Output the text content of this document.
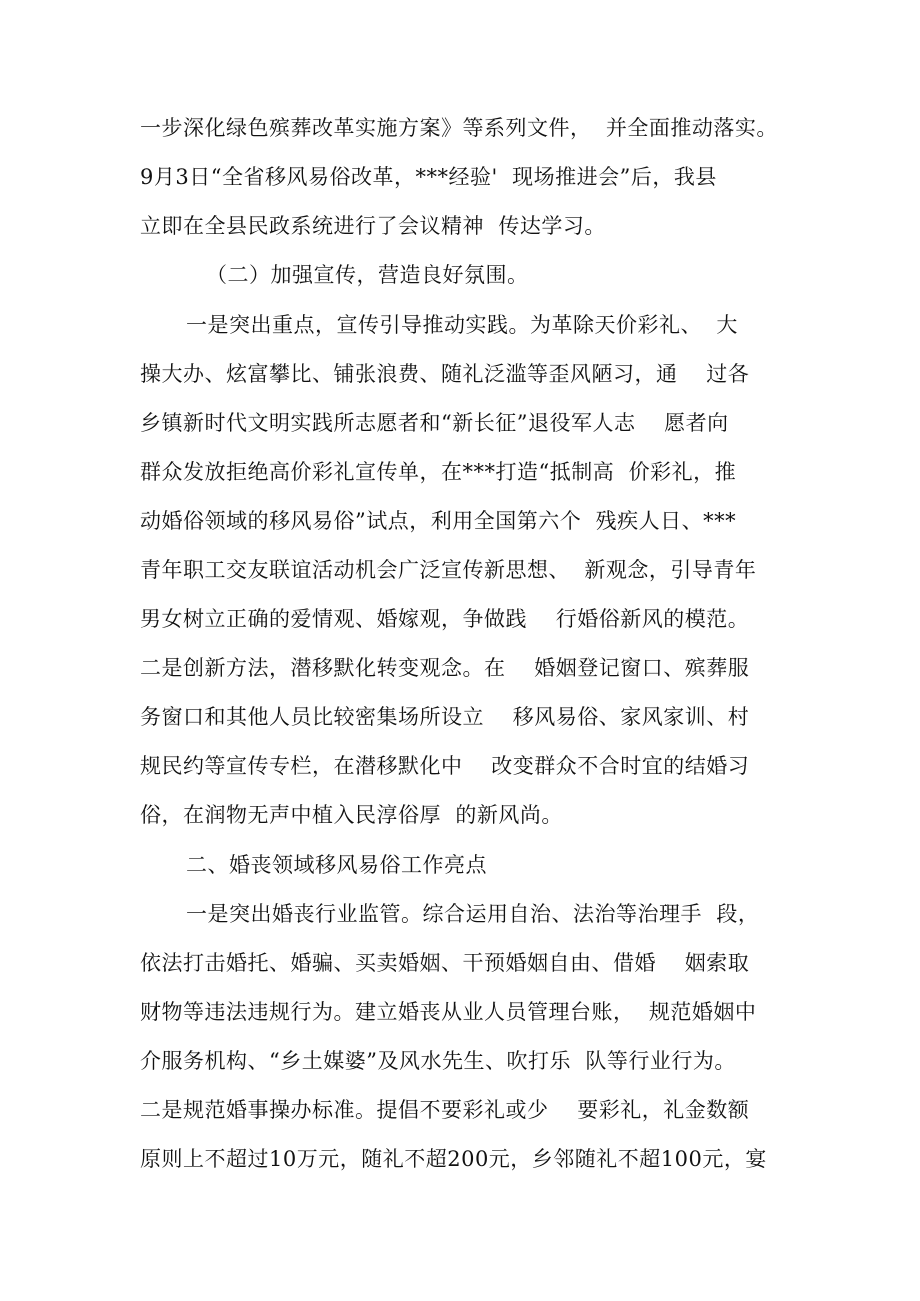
一步深化绿色殡葬改革实施方案》等系列文件，  并全面推动落实。
9月3日“全省移风易俗改革，***经验'  现场推进会”后，我县
立即在全县民政系统进行了会议精神  传达学习。
（二）加强宣传，营造良好氛围。
一是突出重点，宣传引导推动实践。为革除天价彩礼、  大
操大办、炫富攀比、铺张浪费、随礼泛滥等歪风陋习，通    过各
乡镇新时代文明实践所志愿者和“新长征”退役军人志    愿者向
群众发放拒绝高价彩礼宣传单，在***打造“抵制高  价彩礼，推
动婚俗领域的移风易俗”试点，利用全国第六个  残疾人日、***
青年职工交友联谊活动机会广泛宣传新思想、  新观念，引导青年
男女树立正确的爱情观、婚嫁观，争做践    行婚俗新风的模范。
二是创新方法，潜移默化转变观念。在    婚姻登记窗口、殡葬服
务窗口和其他人员比较密集场所设立    移风易俗、家风家训、村
规民约等宣传专栏，在潜移默化中    改变群众不合时宜的结婚习
俗，在润物无声中植入民淳俗厚  的新风尚。
二、婚丧领域移风易俗工作亮点
一是突出婚丧行业监管。综合运用自治、法治等治理手  段，
依法打击婚托、婚骗、买卖婚姻、干预婚姻自由、借婚    姻索取
财物等违法违规行为。建立婚丧从业人员管理台账，  规范婚姻中
介服务机构、“乡土媒婆”及风水先生、吹打乐  队等行业行为。
二是规范婚事操办标准。提倡不要彩礼或少    要彩礼，礼金数额
原则上不超过10万元，随礼不超200元，乡邻随礼不超100元，宴
